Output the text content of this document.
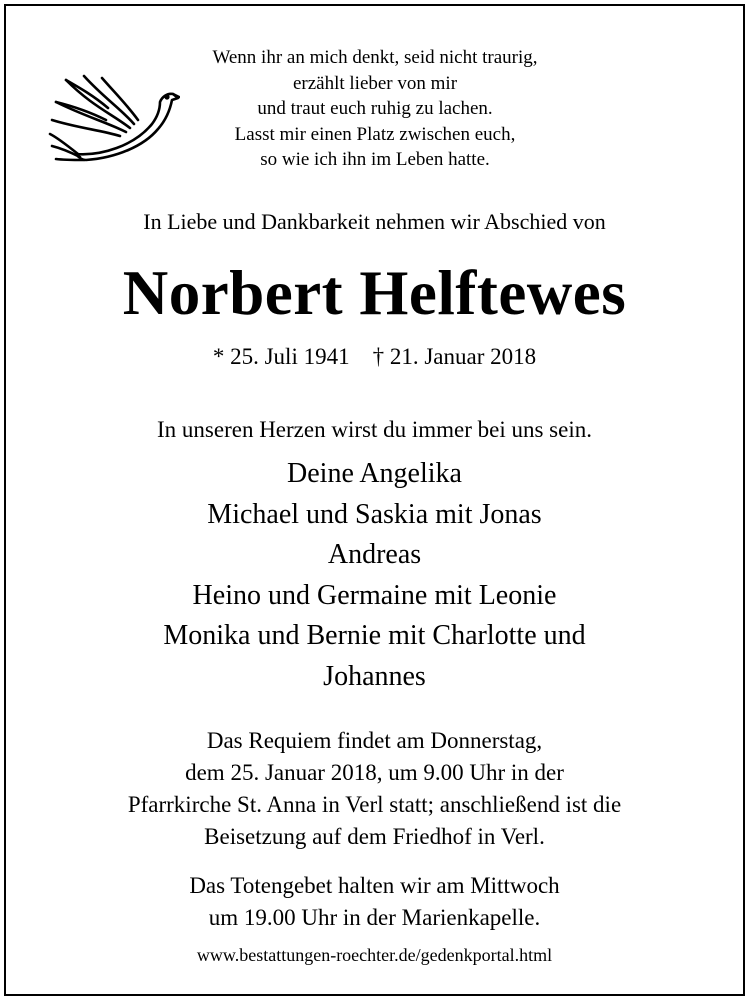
Wenn ihr an mich denkt, seid nicht traurig,
erzählt lieber von mir
und traut euch ruhig zu lachen.
Lasst mir einen Platz zwischen euch,
so wie ich ihn im Leben hatte.
In Liebe und Dankbarkeit nehmen wir Abschied von
Norbert Helftewes
* 25. Juli 1941 † 21. Januar 2018
In unseren Herzen wirst du immer bei uns sein.
Deine Angelika
Michael und Saskia mit Jonas
Andreas
Heino und Germaine mit Leonie
Monika und Bernie mit Charlotte und
Johannes
Das Requiem findet am Donnerstag,
dem 25. Januar 2018, um 9.00 Uhr in der
Pfarrkirche St. Anna in Verl statt; anschließend ist die
Beisetzung auf dem Friedhof in Verl.
Das Totengebet halten wir am Mittwoch
um 19.00 Uhr in der Marienkapelle.
www.bestattungen-roechter.de/gedenkportal.html
